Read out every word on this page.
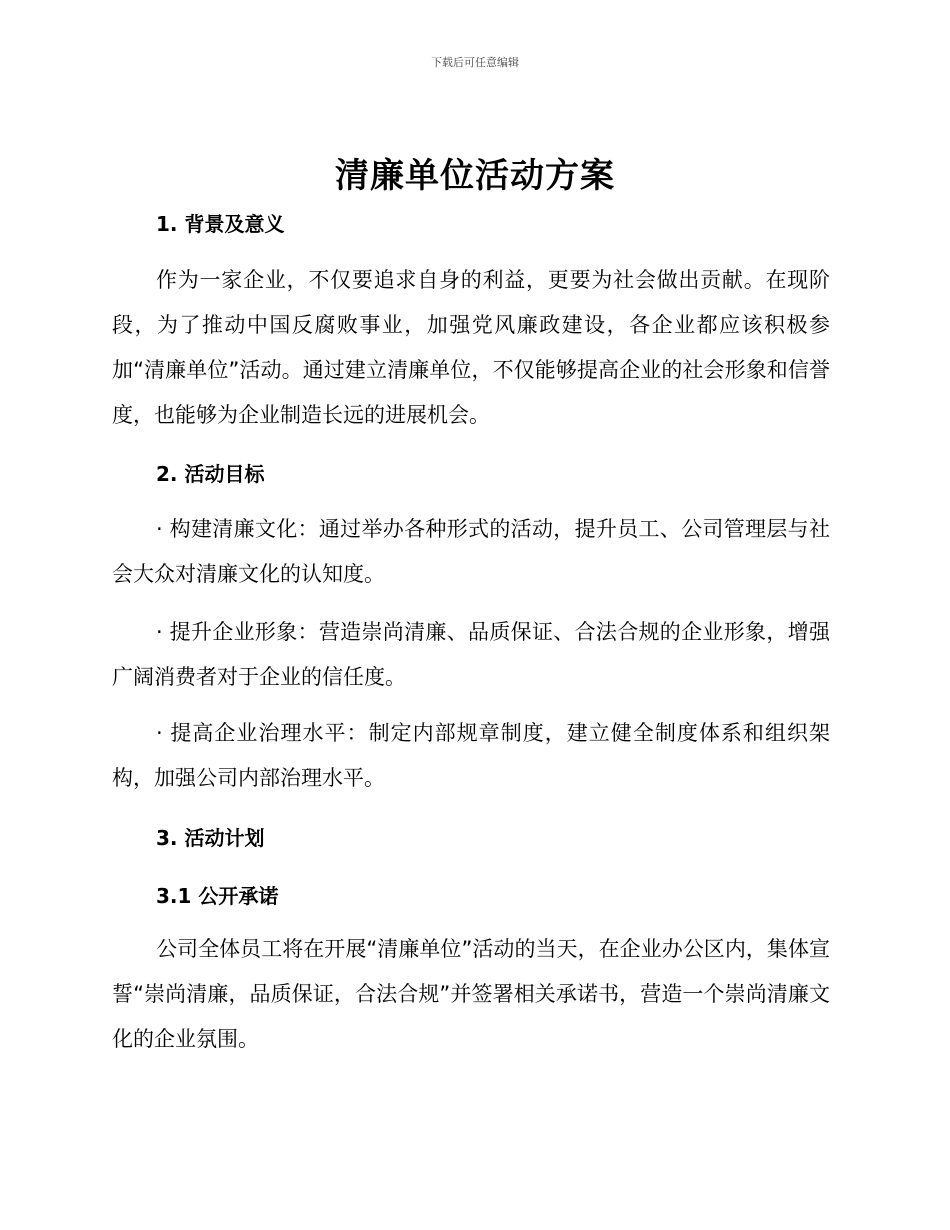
下载后可任意编辑
清廉单位活动方案
1. 背景及意义

作为一家企业，不仅要追求自身的利益，更要为社会做出贡献。在现阶段，为了推动中国反腐败事业，加强党风廉政建设，各企业都应该积极参加“清廉单位”活动。通过建立清廉单位，不仅能够提高企业的社会形象和信誉度，也能够为企业制造长远的进展机会。

2. 活动目标

· 构建清廉文化：通过举办各种形式的活动，提升员工、公司管理层与社会大众对清廉文化的认知度。

· 提升企业形象：营造崇尚清廉、品质保证、合法合规的企业形象，增强广阔消费者对于企业的信任度。

· 提高企业治理水平：制定内部规章制度，建立健全制度体系和组织架构，加强公司内部治理水平。

3. 活动计划
3.1 公开承诺

公司全体员工将在开展“清廉单位”活动的当天，在企业办公区内，集体宣誓“崇尚清廉，品质保证，合法合规”并签署相关承诺书，营造一个崇尚清廉文化的企业氛围。
